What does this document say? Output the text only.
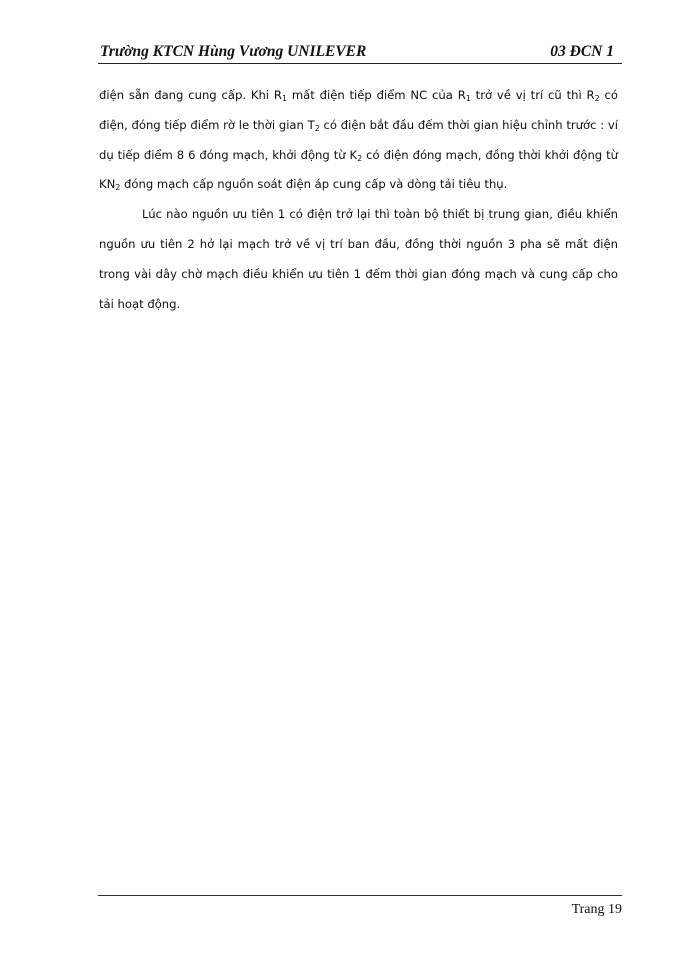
Trường KTCN Hùng Vương UNILEVER	03 ĐCN 1

điện sẵn đang cung cấp. Khi $R_1$ mất điện tiếp điểm NC của $R_1$ trở về vị trí cũ thì $R_2$ có điện, đóng tiếp điểm rờ le thời gian $T_2$ có điện bắt đầu đếm thời gian hiệu chỉnh trước : ví dụ tiếp điểm 8 6 đóng mạch, khởi động từ $K_2$ có điện đóng mạch, đồng thời khởi động từ $KN_2$ đóng mạch cấp nguồn soát điện áp cung cấp và dòng tải tiêu thụ.

Lúc nào nguồn ưu tiên 1 có điện trở lại thì toàn bộ thiết bị trung gian, điều khiển nguồn ưu tiên 2 hở lại mạch trở về vị trí ban đầu, đồng thời nguồn 3 pha sẽ mất điện trong vài dây chờ mạch điều khiển ưu tiên 1 đếm thời gian đóng mạch và cung cấp cho tải hoạt động.

Trang 19
